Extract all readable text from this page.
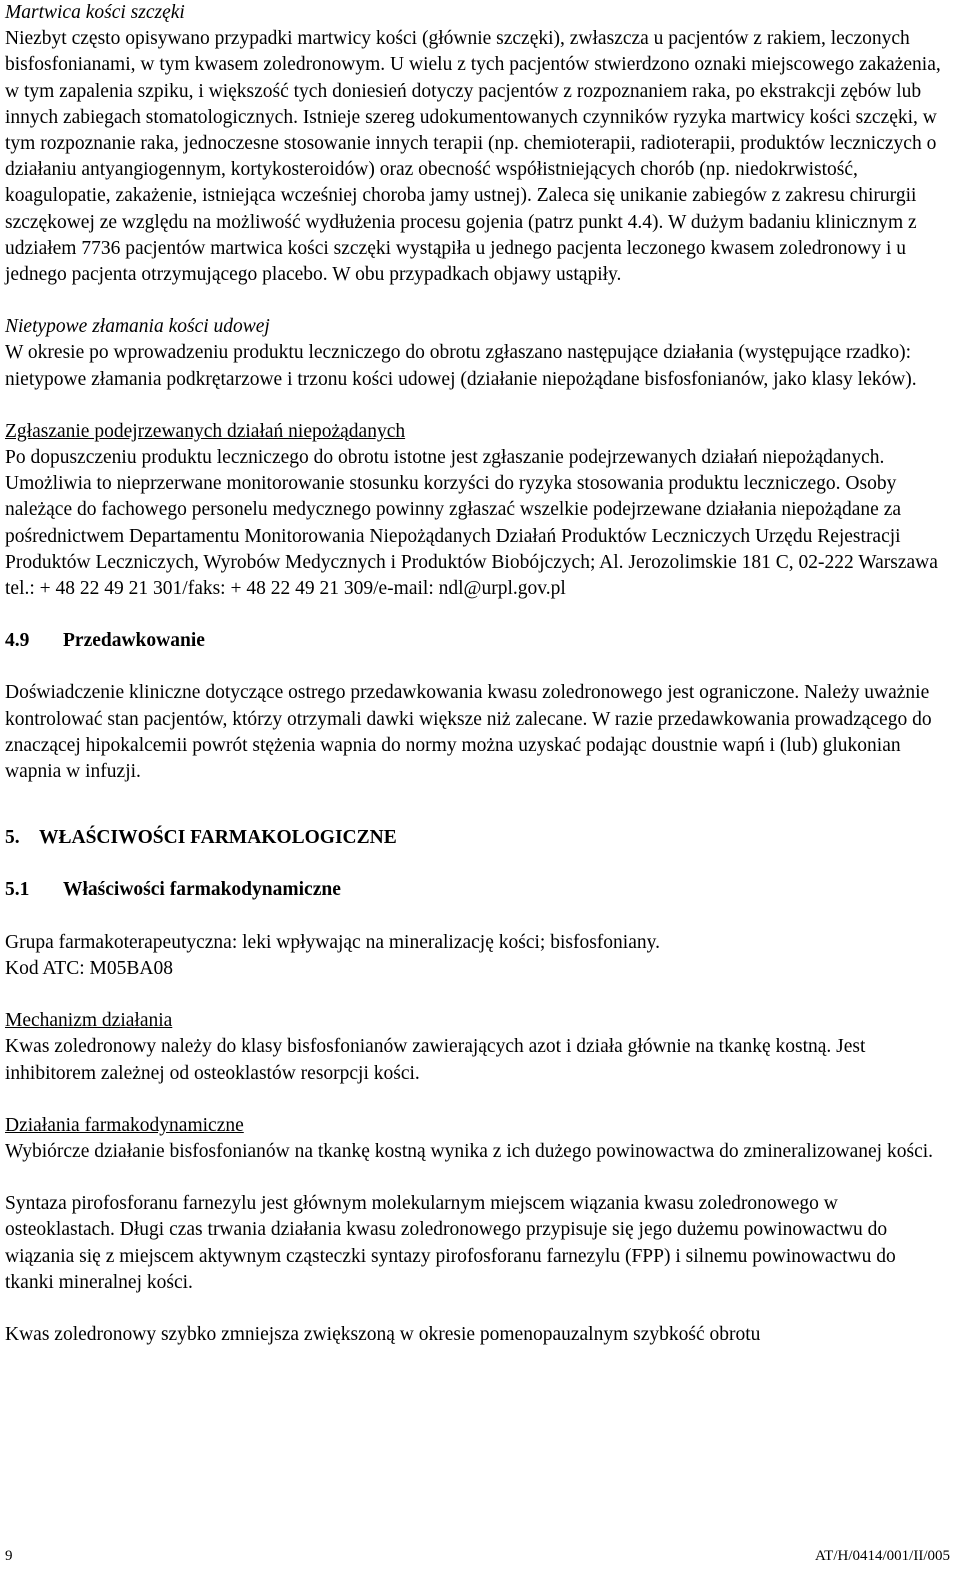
Martwica kości szczęki

Niezbyt często opisywano przypadki martwicy kości (głównie szczęki), zwłaszcza u pacjentów z rakiem, leczonych bisfosfonianami, w tym kwasem zoledronowym. U wielu z tych pacjentów stwierdzono oznaki miejscowego zakażenia, w tym zapalenia szpiku, i większość tych doniesień dotyczy pacjentów z rozpoznaniem raka, po ekstrakcji zębów lub innych zabiegach stomatologicznych. Istnieje szereg udokumentowanych czynników ryzyka martwicy kości szczęki, w tym rozpoznanie raka, jednoczesne stosowanie innych terapii (np. chemioterapii, radioterapii, produktów leczniczych o działaniu antyangiogennym, kortykosteroidów) oraz obecność współistniejących chorób (np. niedokrwistość, koagulopatie, zakażenie, istniejąca wcześniej choroba jamy ustnej). Zaleca się unikanie zabiegów z zakresu chirurgii szczękowej ze względu na możliwość wydłużenia procesu gojenia (patrz punkt 4.4). W dużym badaniu klinicznym z udziałem 7736 pacjentów martwica kości szczęki wystąpiła u jednego pacjenta leczonego kwasem zoledronowy i u jednego pacjenta otrzymującego placebo. W obu przypadkach objawy ustąpiły.

Nietypowe złamania kości udowej

W okresie po wprowadzeniu produktu leczniczego do obrotu zgłaszano następujące działania (występujące rzadko): nietypowe złamania podkrętarzowe i trzonu kości udowej (działanie niepożądane bisfosfonianów, jako klasy leków).

Zgłaszanie podejrzewanych działań niepożądanych

Po dopuszczeniu produktu leczniczego do obrotu istotne jest zgłaszanie podejrzewanych działań niepożądanych. Umożliwia to nieprzerwane monitorowanie stosunku korzyści do ryzyka stosowania produktu leczniczego. Osoby należące do fachowego personelu medycznego powinny zgłaszać wszelkie podejrzewane działania niepożądane za pośrednictwem Departamentu Monitorowania Niepożądanych Działań Produktów Leczniczych Urzędu Rejestracji Produktów Leczniczych, Wyrobów Medycznych i Produktów Biobójczych; Al. Jerozolimskie 181 C, 02-222 Warszawa tel.: + 48 22 49 21 301/faks: + 48 22 49 21 309/e-mail: ndl@urpl.gov.pl

4.9 Przedawkowanie

Doświadczenie kliniczne dotyczące ostrego przedawkowania kwasu zoledronowego jest ograniczone. Należy uważnie kontrolować stan pacjentów, którzy otrzymali dawki większe niż zalecane. W razie przedawkowania prowadzącego do znaczącej hipokalcemii powrót stężenia wapnia do normy można uzyskać podając doustnie wapń i (lub) glukonian wapnia w infuzji.

5. WŁAŚCIWOŚCI FARMAKOLOGICZNE

5.1 Właściwości farmakodynamiczne

Grupa farmakoterapeutyczna: leki wpływając na mineralizację kości; bisfosfoniany.

Kod ATC: M05BA08

Mechanizm działania

Kwas zoledronowy należy do klasy bisfosfonianów zawierających azot i działa głównie na tkankę kostną. Jest inhibitorem zależnej od osteoklastów resorpcji kości.

Działania farmakodynamiczne

Wybiórcze działanie bisfosfonianów na tkankę kostną wynika z ich dużego powinowactwa do zmineralizowanej kości.

Syntaza pirofosforanu farnezylu jest głównym molekularnym miejscem wiązania kwasu zoledronowego w osteoklastach. Długi czas trwania działania kwasu zoledronowego przypisuje się jego dużemu powinowactwu do wiązania się z miejscem aktywnym cząsteczki syntazy pirofosforanu farnezylu (FPP) i silnemu powinowactwu do tkanki mineralnej kości.

Kwas zoledronowy szybko zmniejsza zwiększoną w okresie pomenopauzalnym szybkość obrotu

9	AT/H/0414/001/II/005
